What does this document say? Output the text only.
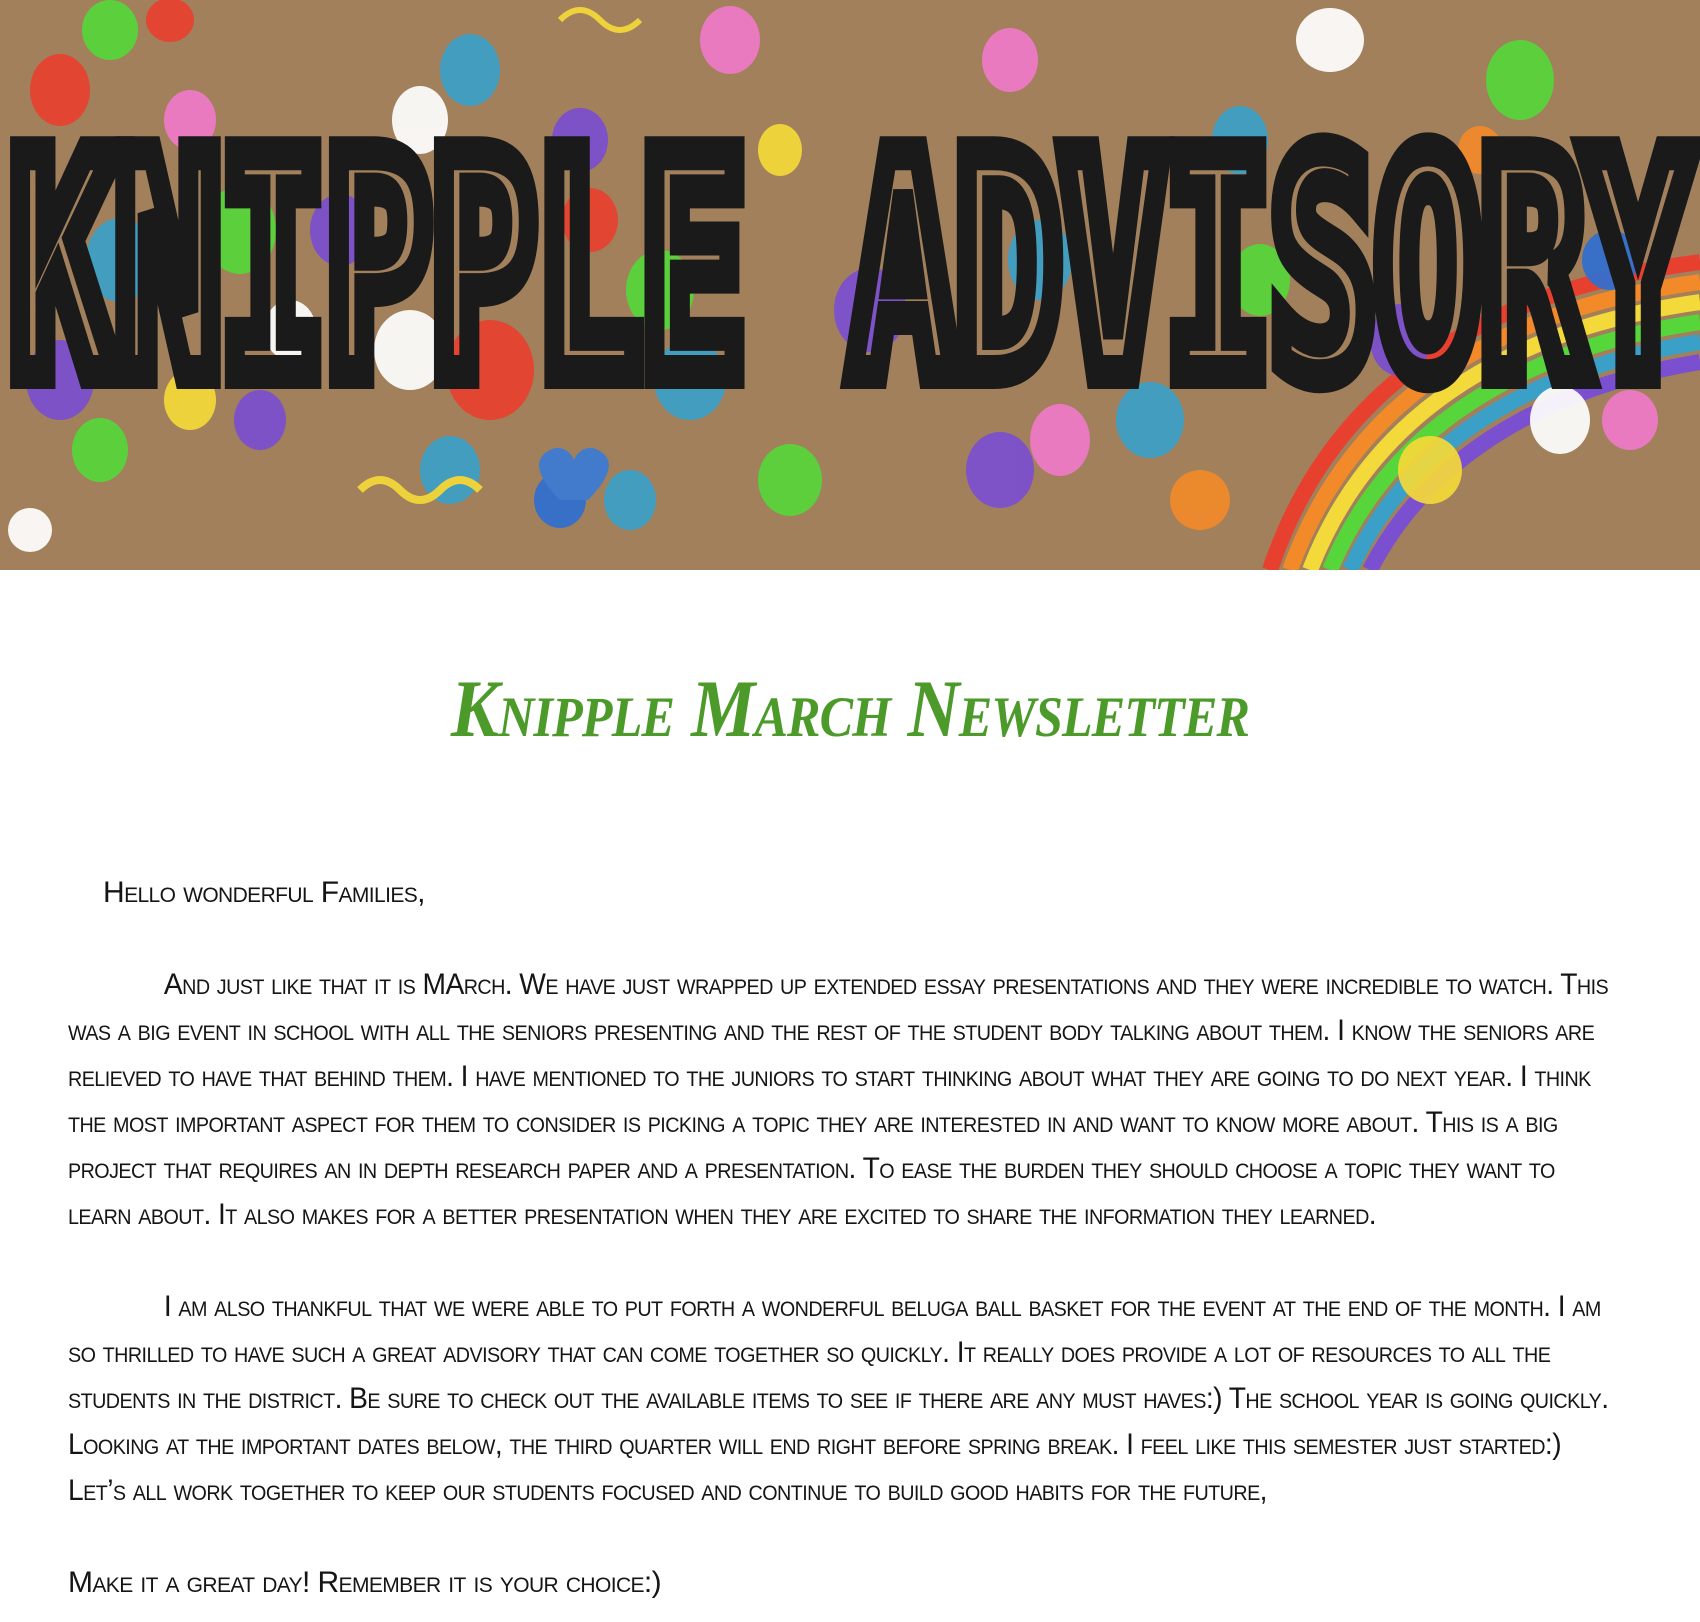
KNIPPLE ADVISORY
Knipple March Newsletter

Hello wonderful Families,

And just like that it is MArch. We have just wrapped up extended essay presentations and they were incredible to watch. This was a big event in school with all the seniors presenting and the rest of the student body talking about them. I know the seniors are relieved to have that behind them. I have mentioned to the juniors to start thinking about what they are going to do next year. I think the most important aspect for them to consider is picking a topic they are interested in and want to know more about. This is a big project that requires an in depth research paper and a presentation. To ease the burden they should choose a topic they want to learn about. It also makes for a better presentation when they are excited to share the information they learned.

I am also thankful that we were able to put forth a wonderful beluga ball basket for the event at the end of the month. I am so thrilled to have such a great advisory that can come together so quickly. It really does provide a lot of resources to all the students in the district. Be sure to check out the available items to see if there are any must haves:) The school year is going quickly. Looking at the important dates below, the third quarter will end right before spring break. I feel like this semester just started:) Let’s all work together to keep our students focused and continue to build good habits for the future,

Make it a great day! Remember it is your choice:)
